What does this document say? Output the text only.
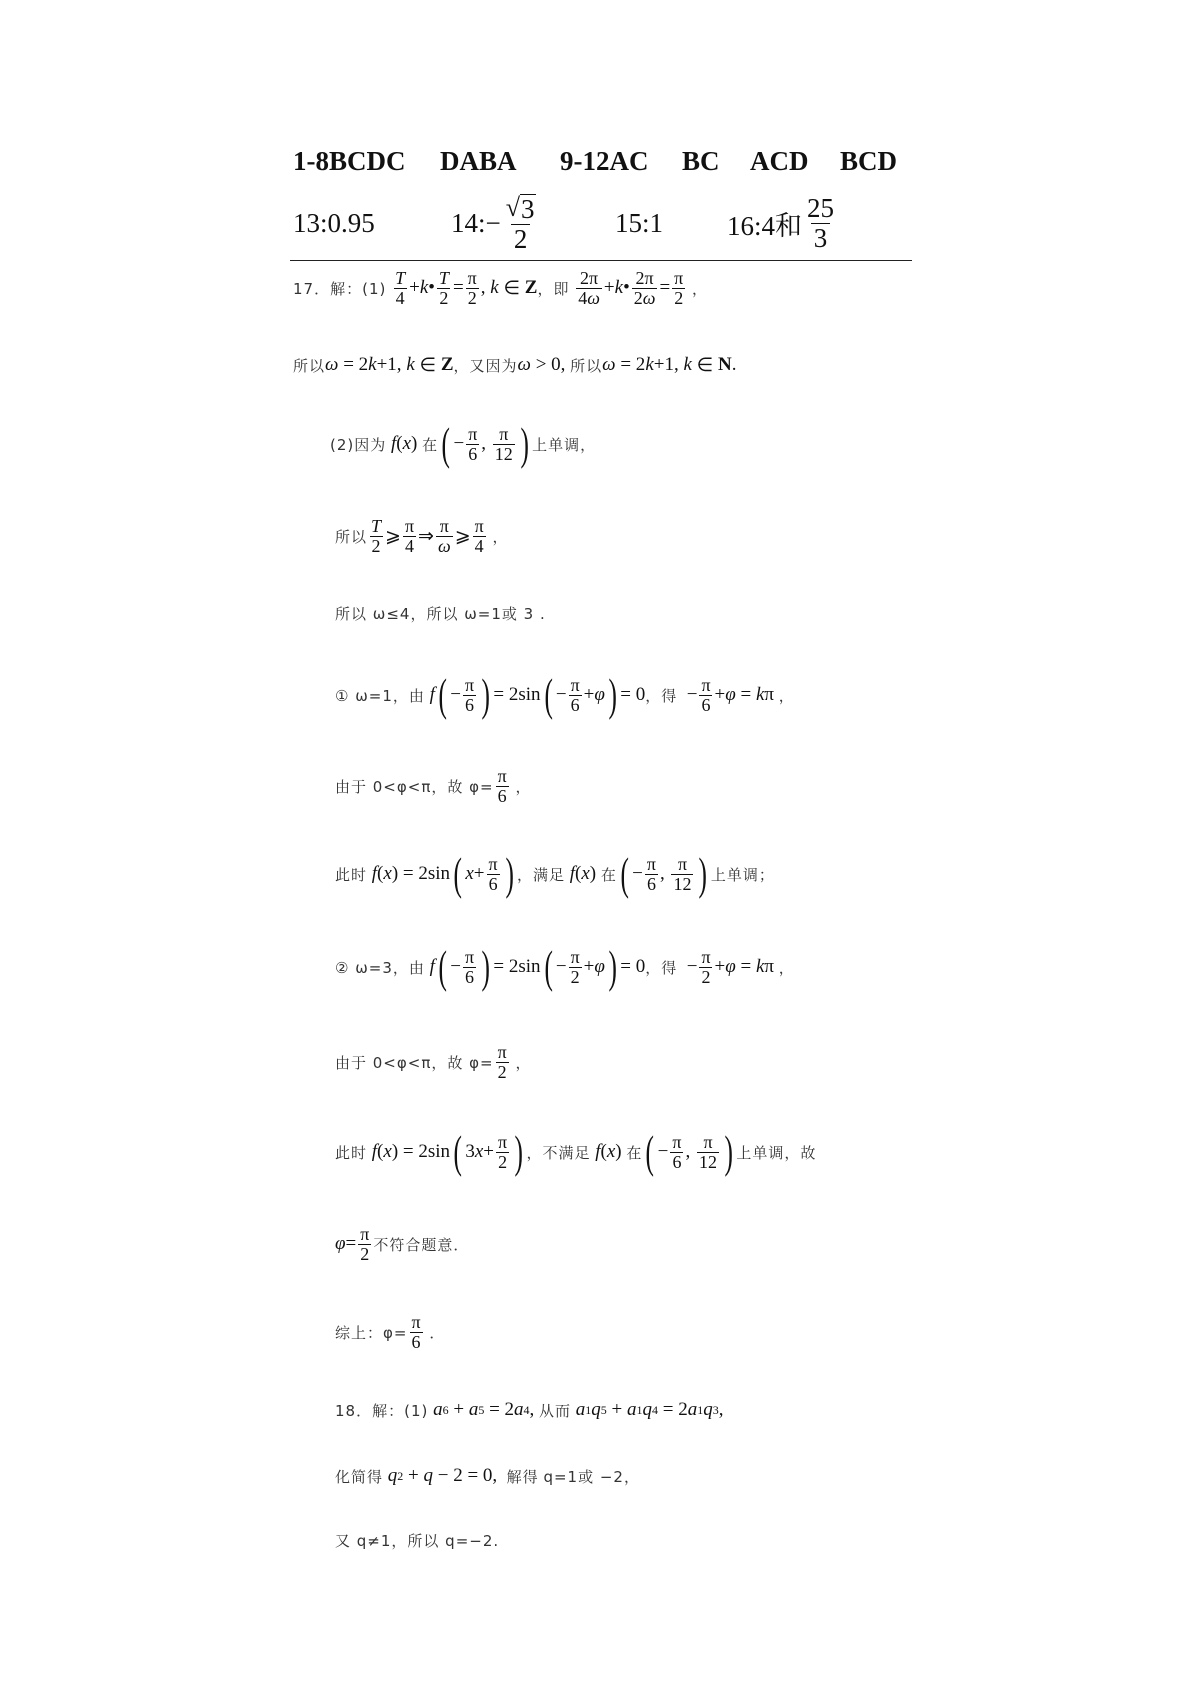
1-8BCDC DABA 9-12AC BC ACD BCD
13:0.95	14:− $\frac{√ 3}{2}$	15:1 16:4和 $\frac{25}{3}$
17．解：(1)
$\frac{T}{4} + k$ • $\frac{T}{2} = \frac{\pi}{2}$ , k ∈ Z ，即
$\frac{2\pi}{4\omega} + k$ • $\frac{2\pi}{2\omega} = \frac{\pi}{2}$
，
所以 ω = 2 k +1, k ∈ Z ，又因为 ω > 0, 所以 ω = 2 k +1, k ∈ N .
(2)因为
f ( x ) 在 ( − $\frac{\pi}{6}$ , $\frac{\pi}{12}$ ) 上单调，
所以 $\frac{T}{2}$ ⩾ $\frac{\pi}{4}$ ⇒ $\frac{\pi}{\omega}$ ⩾ $\frac{\pi}{4}$
，
所以 ω≤4，所以 ω=1或 3 .
① ω=1，由
f ( − $\frac{\pi}{6}$ ) = 2sin ( − $\frac{\pi}{6} + \varphi$ ) = 0 ，得 − $\frac{\pi}{6} + \varphi = k$ π ，
由于 0<φ<π，故 $\varphi= \frac{\pi}{6}$
，
此时
f ( x ) = 2sin ( $x + \frac{\pi}{6}$ ) ，满足
f ( x ) 在 ( − $\frac{\pi}{6}$ , $\frac{\pi}{12}$ ) 上单调；
② ω=3，由
f ( − $\frac{\pi}{6}$ ) = 2sin ( − $\frac{\pi}{2} + \varphi$ ) = 0 ，得 − $\frac{\pi}{2} + \varphi = k$ π ，
由于 0<φ<π，故 $\varphi= \frac{\pi}{2}$
，
此时
f ( x ) = 2sin ( 3 $x + \frac{\pi}{2}$ ) ，不满足
f ( x ) 在 ( − $\frac{\pi}{6}$ , $\frac{\pi}{12}$ ) 上单调，故
$\varphi = \frac{\pi}{2}$ 不符合题意．
综上：$\varphi= \frac{\pi}{6}$
．
18．解：(1)
a 6 + a 5 = 2 a 4 , 从而
a 1 q 5 + a 1 q 4 = 2 a 1 q 3 ,
化简得
q 2 + q − 2 = 0, 解得
q=1或 −2，
又 q≠1，所以 q=−2.
